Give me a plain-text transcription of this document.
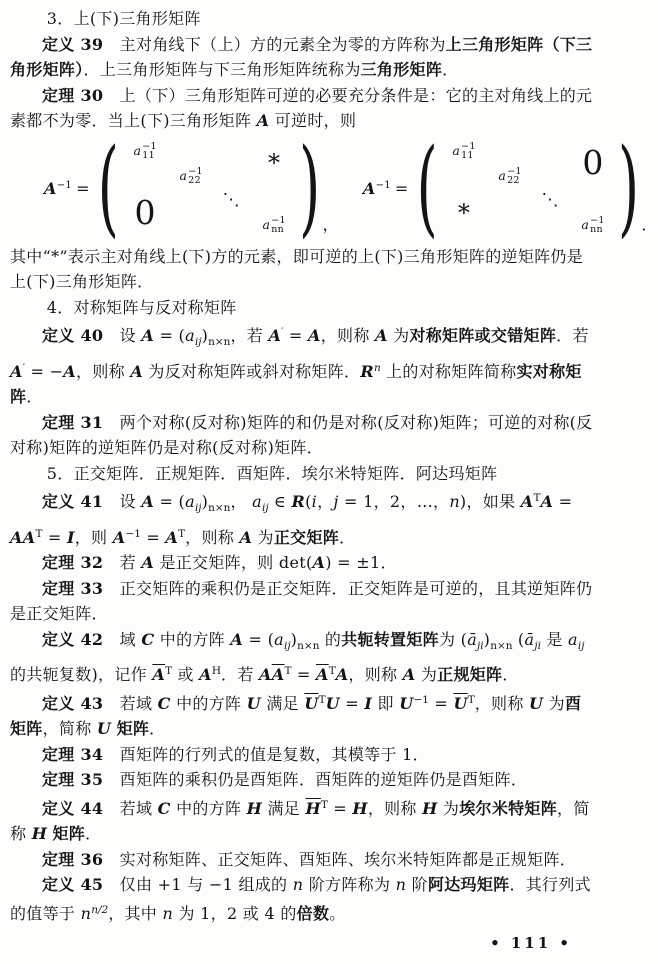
3．上(下)三角形矩阵
定义 39　主对角线下（上）方的元素全为零的方阵称为上三角形矩阵（下三角形矩阵）．上三角形矩阵与下三角形矩阵统称为三角形矩阵．
定理 30　上（下）三角形矩阵可逆的必要充分条件是：它的主对角线上的元素都不为零．当上(下)三角形矩阵 A 可逆时，则
$A^{-1}$ = ( a −1
11
a −1
22
⋱
a −1
nn
*
0	) ，
$A^{-1}$ = ( a −1
11
a −1
22
⋱
a −1
nn
0
*	) ．
其中“*”表示主对角线上(下)方的元素，即可逆的上(下)三角形矩阵的逆矩阵仍是上(下)三角形矩阵．
4．对称矩阵与反对称矩阵
定义 40　设 $A = (a_{ij})_{n\times n}$，若 A′ = A，则称 A 为对称矩阵或交错矩阵．若 A′ = −A，则称 A 为反对称矩阵或斜对称矩阵．$R^n$ 上的对称矩阵简称实对称矩阵．
定理 31　两个对称(反对称)矩阵的和仍是对称(反对称)矩阵；可逆的对称(反对称)矩阵的逆矩阵仍是对称(反对称)矩阵．
5．正交矩阵．正规矩阵．酉矩阵．埃尔米特矩阵．阿达玛矩阵
定义 41　设 $A = (a_{ij})_{n\times n}$， $a_{ij}$ ∈ R(i，j = 1，2，…，n)，如果 $A^TA = AA^T = I$，则 $A^{-1} = A^T$，则称 A 为正交矩阵．
定理 32　若 A 是正交矩阵，则 det(A) = ±1．
定理 33　正交矩阵的乘积仍是正交矩阵．正交矩阵是可逆的，且其逆矩阵仍是正交矩阵．
定义 42　域 C 中的方阵 $A = (a_{ij})_{n\times n}$ 的共轭转置矩阵为 $(ā_{ji})_{n\times n}$ ($ā_{ji}$ 是 $a_{ij}$ 的共轭复数)，记作 $\overline{A}^T$ 或 $A^H$．若 $A\overline{A}^T = \overline{A}^TA$，则称 A 为正规矩阵．
定义 43　若域 C 中的方阵 U 满足 $\overline{U}^TU = I$ 即 $U^{-1} = \overline{U}^T$，则称 U 为酉矩阵，简称 U 矩阵．
定理 34　酉矩阵的行列式的值是复数，其模等于 1．
定理 35　酉矩阵的乘积仍是酉矩阵．酉矩阵的逆矩阵仍是酉矩阵．
定义 44　若域 C 中的方阵 H 满足 $\overline{H}^T = H$，则称 H 为埃尔米特矩阵，简称 H 矩阵．
定理 36　实对称矩阵、正交矩阵、酉矩阵、埃尔米特矩阵都是正规矩阵．
定义 45　仅由 +1 与 −1 组成的 n 阶方阵称为 n 阶阿达玛矩阵．其行列式的值等于 $n^{n/2}$，其中 n 为 1，2 或 4 的倍数。
• 111 •
